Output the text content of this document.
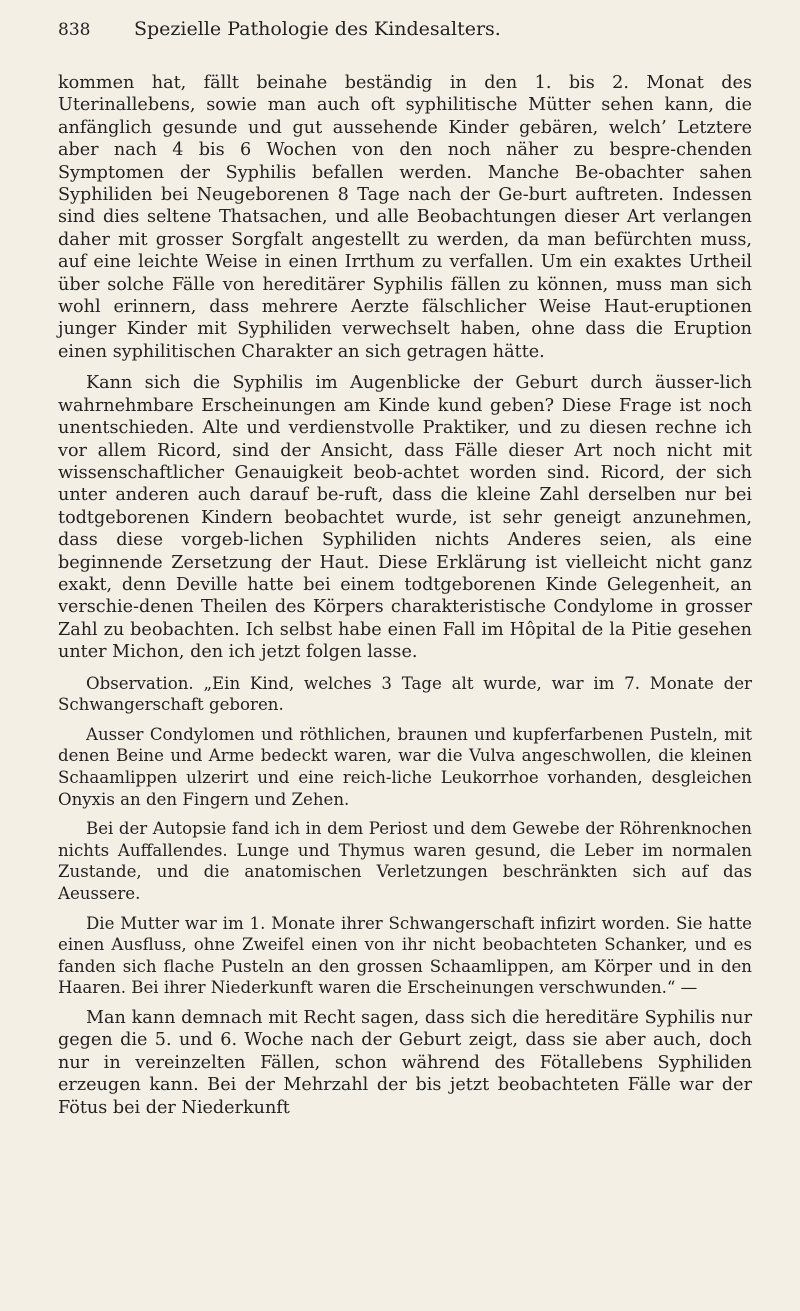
838	Spezielle Pathologie des Kindesalters.

kommen hat, fällt beinahe beständig in den 1. bis 2. Monat des Uterinallebens, sowie man auch oft syphilitische Mütter sehen kann, die anfänglich gesunde und gut aussehende Kinder gebären, welch’ Letztere aber nach 4 bis 6 Wochen von den noch näher zu bespre-chenden Symptomen der Syphilis befallen werden. Manche Be-obachter sahen Syphiliden bei Neugeborenen 8 Tage nach der Ge-burt auftreten. Indessen sind dies seltene Thatsachen, und alle Beobachtungen dieser Art verlangen daher mit grosser Sorgfalt angestellt zu werden, da man befürchten muss, auf eine leichte Weise in einen Irrthum zu verfallen. Um ein exaktes Urtheil über solche Fälle von hereditärer Syphilis fällen zu können, muss man sich wohl erinnern, dass mehrere Aerzte fälschlicher Weise Haut-eruptionen junger Kinder mit Syphiliden verwechselt haben, ohne dass die Eruption einen syphilitischen Charakter an sich getragen hätte.

Kann sich die Syphilis im Augenblicke der Geburt durch äusser-lich wahrnehmbare Erscheinungen am Kinde kund geben? Diese Frage ist noch unentschieden. Alte und verdienstvolle Praktiker, und zu diesen rechne ich vor allem Ricord, sind der Ansicht, dass Fälle dieser Art noch nicht mit wissenschaftlicher Genauigkeit beob-achtet worden sind. Ricord, der sich unter anderen auch darauf be-ruft, dass die kleine Zahl derselben nur bei todtgeborenen Kindern beobachtet wurde, ist sehr geneigt anzunehmen, dass diese vorgeb-lichen Syphiliden nichts Anderes seien, als eine beginnende Zersetzung der Haut. Diese Erklärung ist vielleicht nicht ganz exakt, denn Deville hatte bei einem todtgeborenen Kinde Gelegenheit, an verschie-denen Theilen des Körpers charakteristische Condylome in grosser Zahl zu beobachten. Ich selbst habe einen Fall im Hôpital de la Pitie gesehen unter Michon, den ich jetzt folgen lasse.

Observation. „Ein Kind, welches 3 Tage alt wurde, war im 7. Monate der Schwangerschaft geboren.

Ausser Condylomen und röthlichen, braunen und kupferfarbenen Pusteln, mit denen Beine und Arme bedeckt waren, war die Vulva angeschwollen, die kleinen Schaamlippen ulzerirt und eine reich-liche Leukorrhoe vorhanden, desgleichen Onyxis an den Fingern und Zehen.

Bei der Autopsie fand ich in dem Periost und dem Gewebe der Röhrenknochen nichts Auffallendes. Lunge und Thymus waren gesund, die Leber im normalen Zustande, und die anatomischen Verletzungen beschränkten sich auf das Aeussere.

Die Mutter war im 1. Monate ihrer Schwangerschaft infizirt worden. Sie hatte einen Ausfluss, ohne Zweifel einen von ihr nicht beobachteten Schanker, und es fanden sich flache Pusteln an den grossen Schaamlippen, am Körper und in den Haaren. Bei ihrer Niederkunft waren die Erscheinungen verschwunden.“ —

Man kann demnach mit Recht sagen, dass sich die hereditäre Syphilis nur gegen die 5. und 6. Woche nach der Geburt zeigt, dass sie aber auch, doch nur in vereinzelten Fällen, schon während des Fötallebens Syphiliden erzeugen kann. Bei der Mehrzahl der bis jetzt beobachteten Fälle war der Fötus bei der Niederkunft
